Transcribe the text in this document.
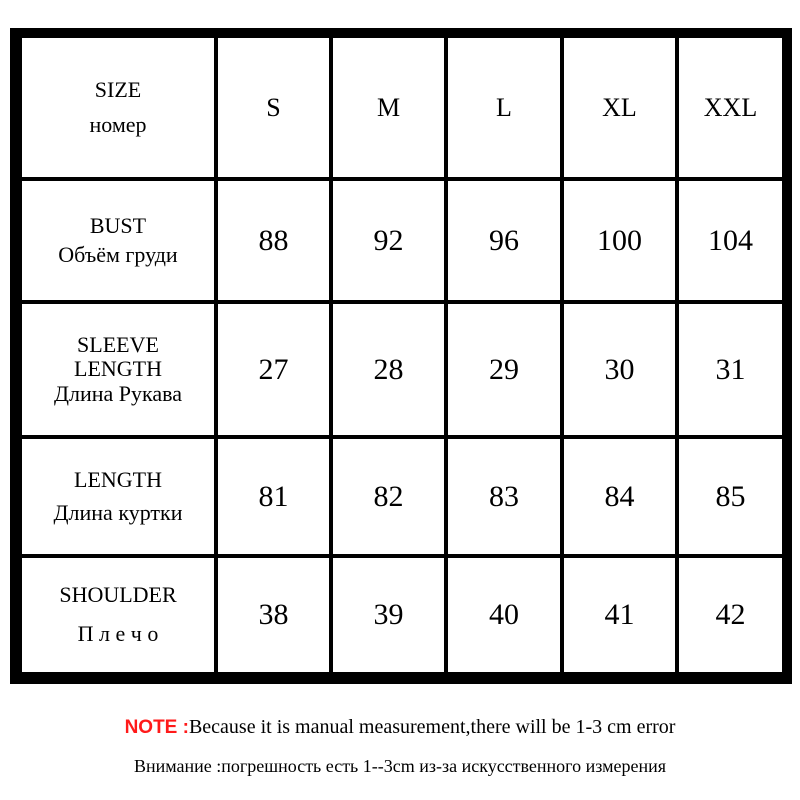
SIZE
номер
S	M	L	XL	XXL
BUST
Объём груди	88	92	96	100	104
SLEEVE
LENGTH
Длина Рукава
27	28	29	30	31
LENGTH
Длина куртки	81	82	83	84	85
SHOULDER
П л е ч о
38	39	40	41	42
NOTE :Because it is manual measurement,there will be 1-3 cm error
Внимание :погрешность есть 1--3cm из-за искусственного измерения
